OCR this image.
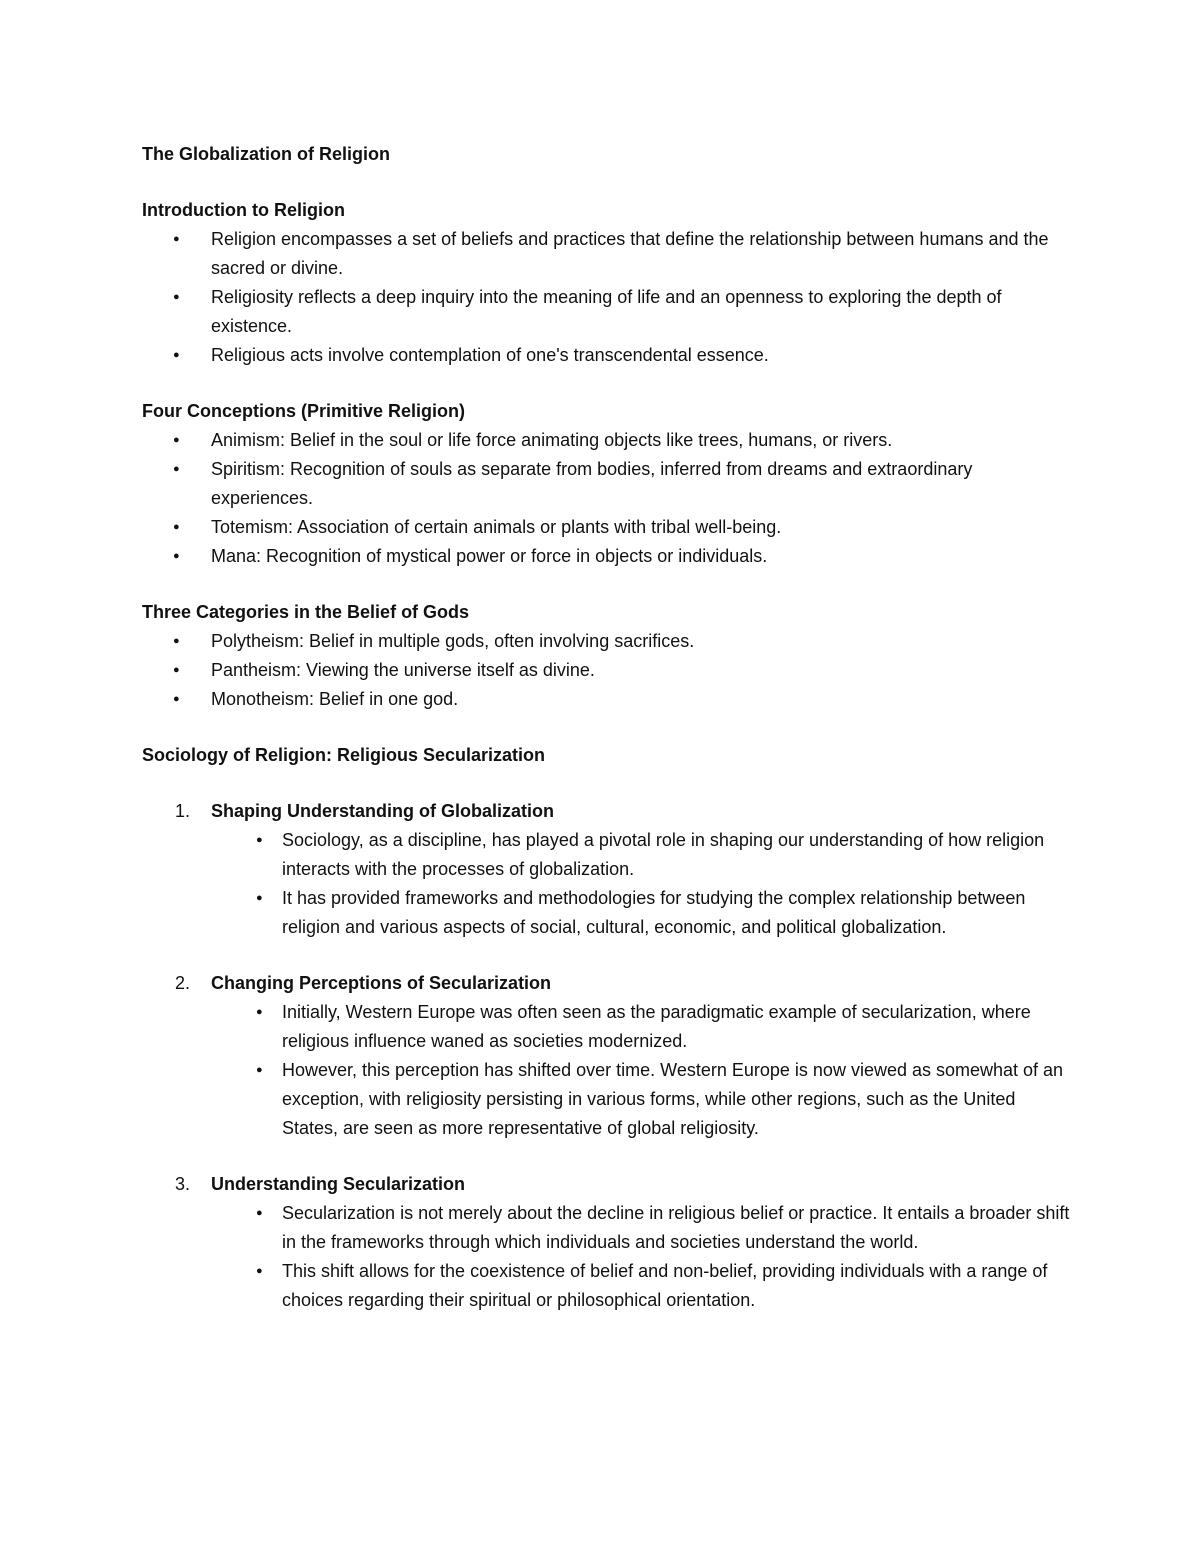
The Globalization of Religion

Introduction to Religion

● Religion encompasses a set of beliefs and practices that define the relationship between humans and the sacred or divine.
● Religiosity reflects a deep inquiry into the meaning of life and an openness to exploring the depth of existence.
● Religious acts involve contemplation of one's transcendental essence.

Four Conceptions (Primitive Religion)

● Animism: Belief in the soul or life force animating objects like trees, humans, or rivers.
● Spiritism: Recognition of souls as separate from bodies, inferred from dreams and extraordinary experiences.
● Totemism: Association of certain animals or plants with tribal well-being.
● Mana: Recognition of mystical power or force in objects or individuals.

Three Categories in the Belief of Gods

● Polytheism: Belief in multiple gods, often involving sacrifices.
● Pantheism: Viewing the universe itself as divine.
● Monotheism: Belief in one god.

Sociology of Religion: Religious Secularization

1. Shaping Understanding of Globalization
● Sociology, as a discipline, has played a pivotal role in shaping our understanding of how religion interacts with the processes of globalization.
● It has provided frameworks and methodologies for studying the complex relationship between religion and various aspects of social, cultural, economic, and political globalization.
2. Changing Perceptions of Secularization
● Initially, Western Europe was often seen as the paradigmatic example of secularization, where religious influence waned as societies modernized.
● However, this perception has shifted over time. Western Europe is now viewed as somewhat of an exception, with religiosity persisting in various forms, while other regions, such as the United States, are seen as more representative of global religiosity.
3. Understanding Secularization
● Secularization is not merely about the decline in religious belief or practice. It entails a broader shift in the frameworks through which individuals and societies understand the world.
● This shift allows for the coexistence of belief and non-belief, providing individuals with a range of choices regarding their spiritual or philosophical orientation.
